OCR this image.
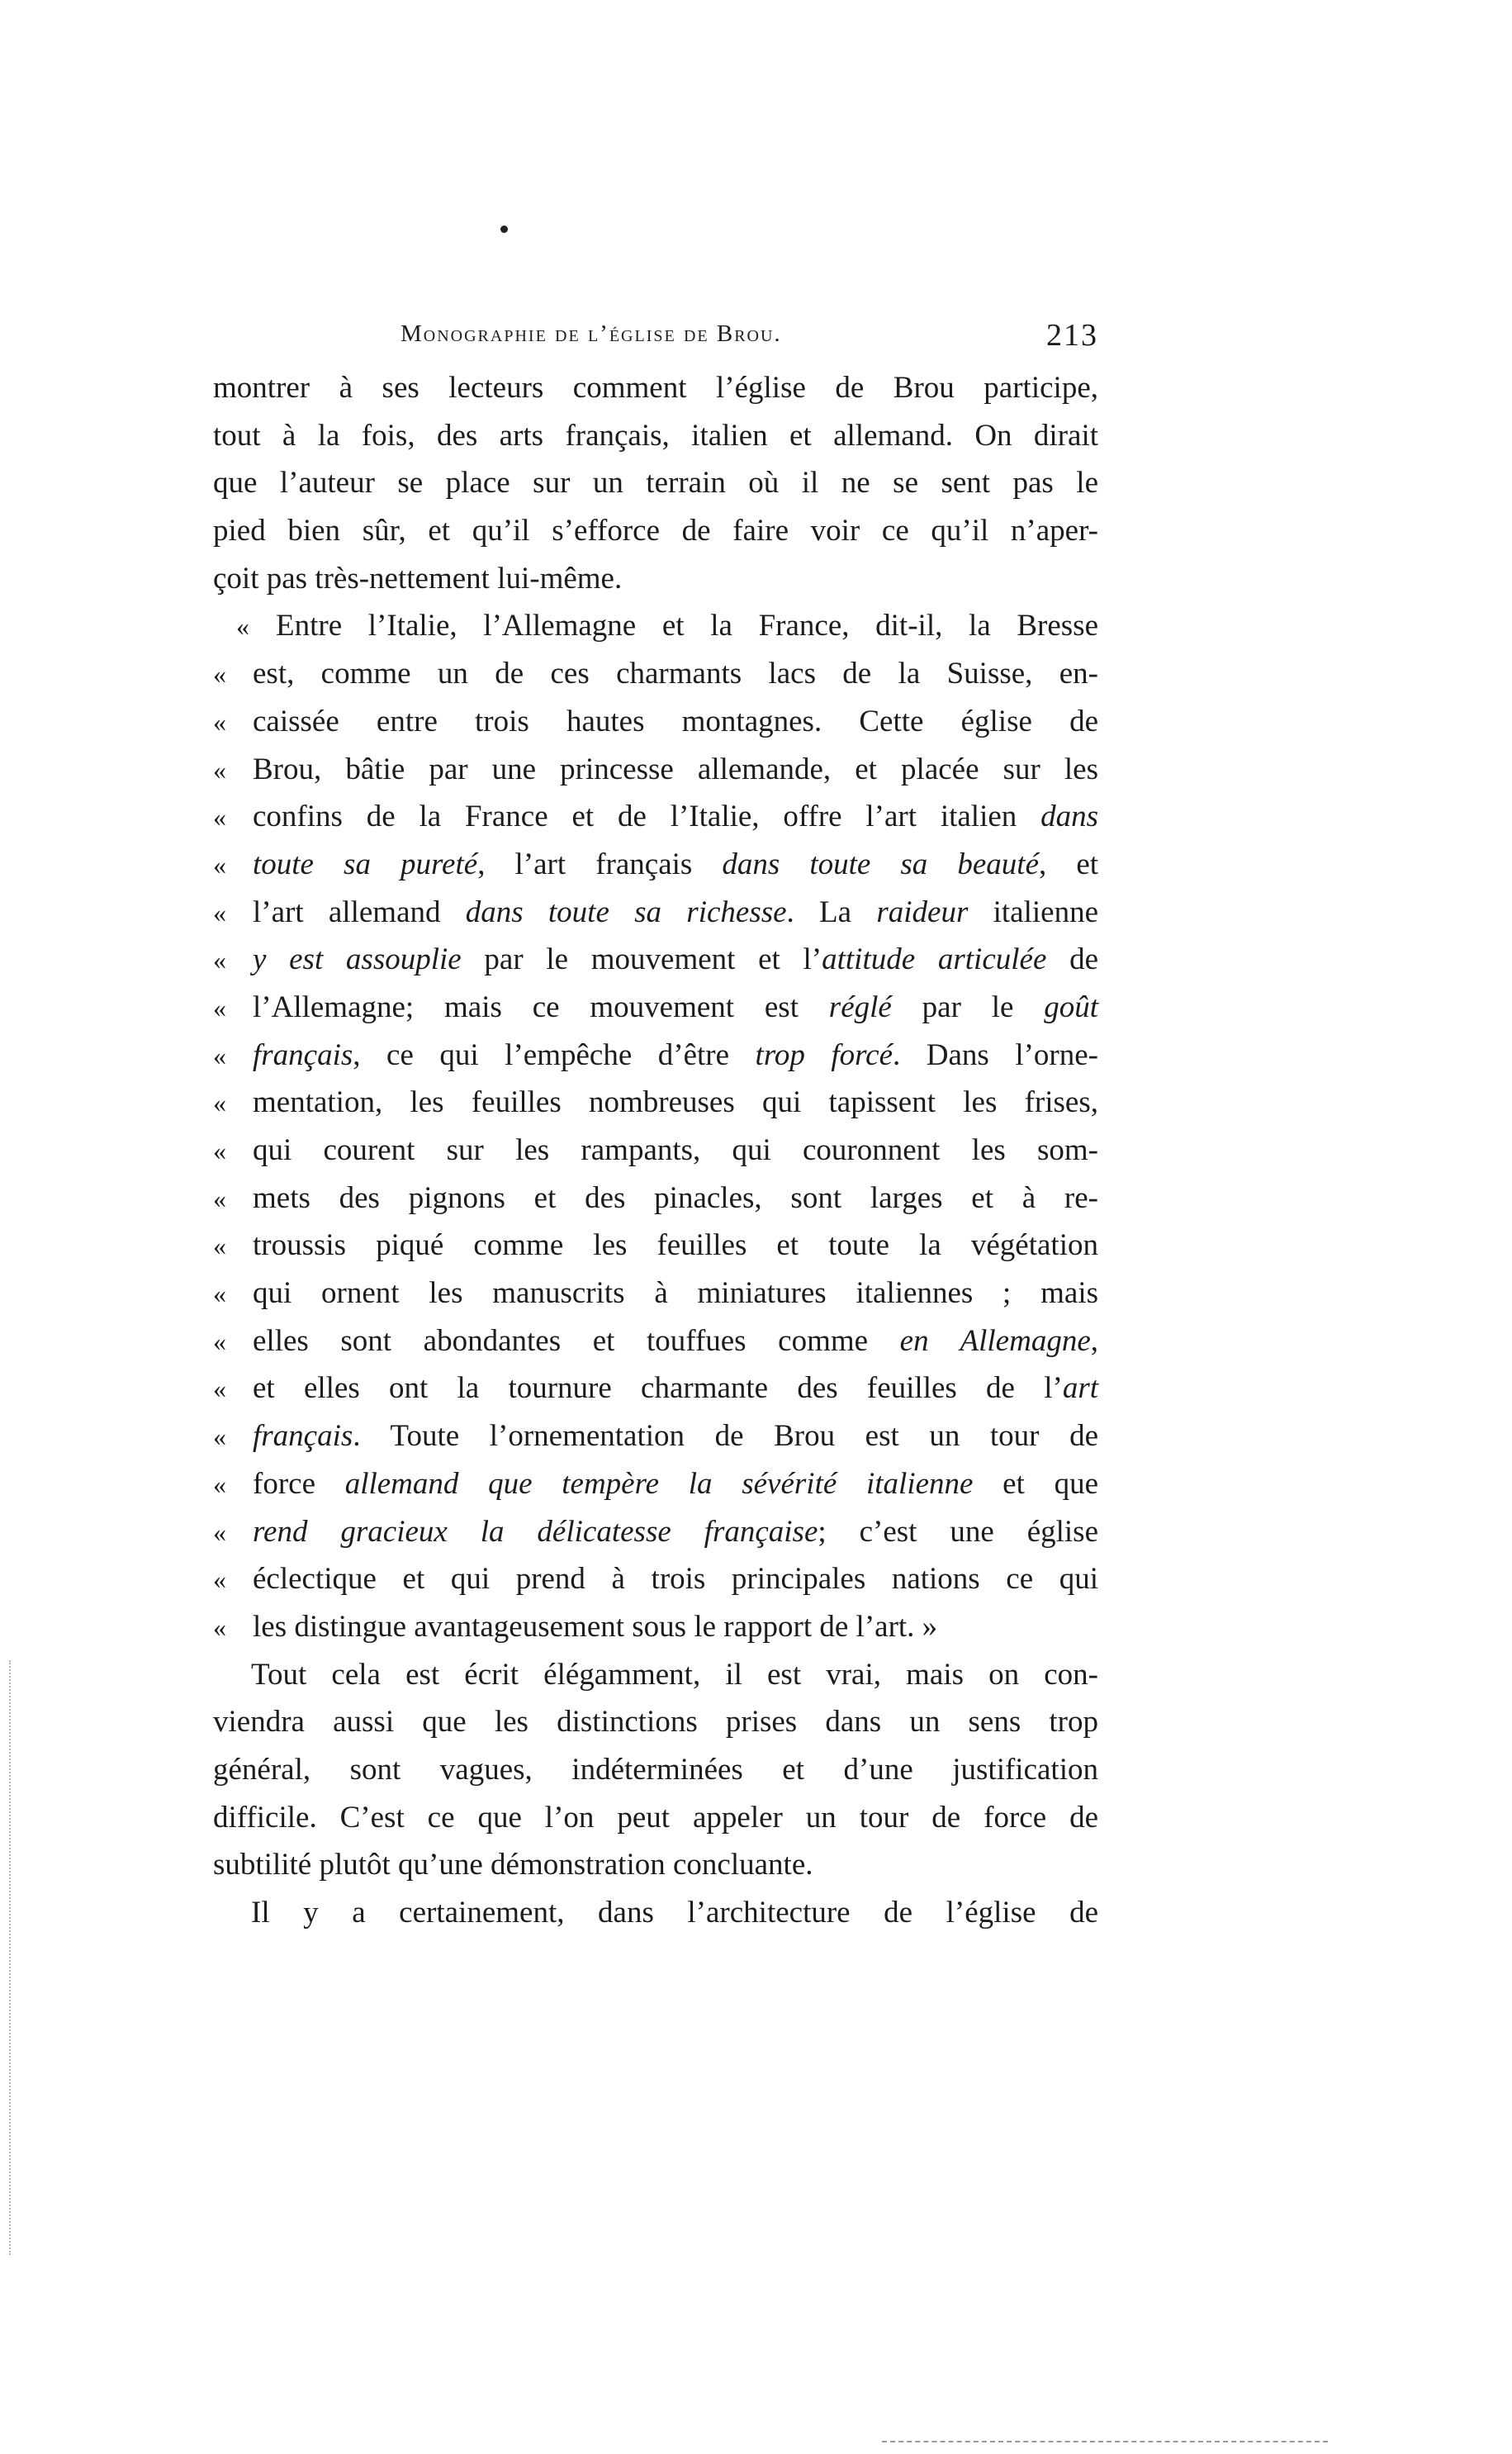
Monographie de l’église de Brou.	213
montrer à ses lecteurs comment l’église de Brou participe,
tout à la fois, des arts français, italien et allemand. On dirait
que l’auteur se place sur un terrain où il ne se sent pas le
pied bien sûr, et qu’il s’efforce de faire voir ce qu’il n’aper-
çoit pas très-nettement lui-même.
« Entre l’Italie, l’Allemagne et la France, dit-il, la Bresse
« est, comme un de ces charmants lacs de la Suisse, en-
« caissée entre trois hautes montagnes. Cette église de
« Brou, bâtie par une princesse allemande, et placée sur les
« confins de la France et de l’Italie, offre l’art italien dans
« toute sa pureté, l’art français dans toute sa beauté, et
« l’art allemand dans toute sa richesse. La raideur italienne
« y est assouplie par le mouvement et l’attitude articulée de
« l’Allemagne; mais ce mouvement est réglé par le goût
« français, ce qui l’empêche d’être trop forcé. Dans l’orne-
« mentation, les feuilles nombreuses qui tapissent les frises,
« qui courent sur les rampants, qui couronnent les som-
« mets des pignons et des pinacles, sont larges et à re-
« troussis piqué comme les feuilles et toute la végétation
« qui ornent les manuscrits à miniatures italiennes ; mais
« elles sont abondantes et touffues comme en Allemagne,
« et elles ont la tournure charmante des feuilles de l’art
« français. Toute l’ornementation de Brou est un tour de
« force allemand que tempère la sévérité italienne et que
« rend gracieux la délicatesse française; c’est une église
« éclectique et qui prend à trois principales nations ce qui
« les distingue avantageusement sous le rapport de l’art. »
Tout cela est écrit élégamment, il est vrai, mais on con-
viendra aussi que les distinctions prises dans un sens trop
général, sont vagues, indéterminées et d’une justification
difficile. C’est ce que l’on peut appeler un tour de force de
subtilité plutôt qu’une démonstration concluante.
Il y a certainement, dans l’architecture de l’église de
